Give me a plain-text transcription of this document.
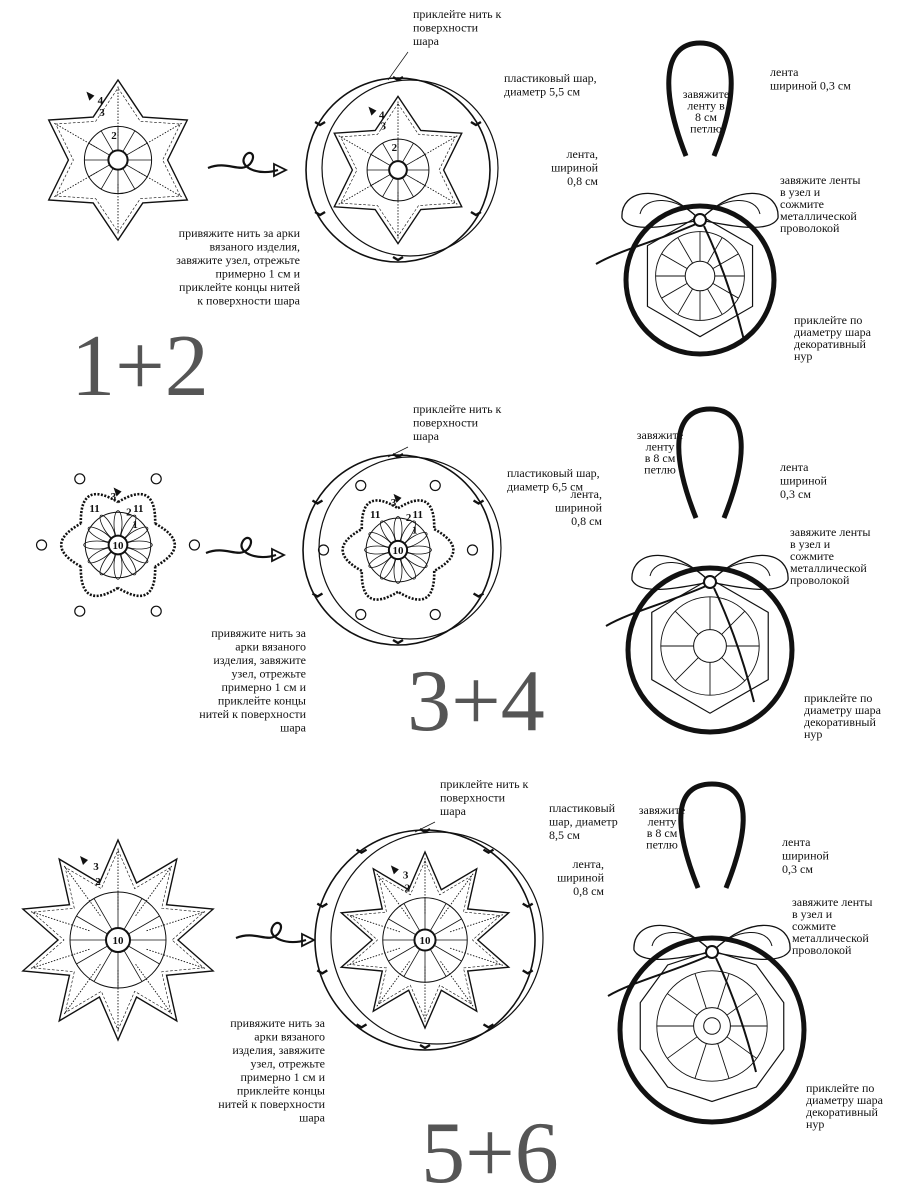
4
3
2
4
3
2
приклейте нить к
поверхности
шара
пластиковый шар,
диаметр 5,5 см
привяжите нить за арки
вязаного изделия,
завяжите узел, отрежьте
примерно 1 см и
приклейте концы нитей
к поверхности шара
1+2
лента
шириной 0,3 см
завяжите
ленту в
8 см
петлю
лента,
шириной
0,8 см	завяжите ленты
в узел и
сожмите
металлической
проволокой
приклейте по
диаметру шара
декоративный
нур
3
2
1
11	11
10
3
2
1
11	11
10
приклейте нить к
поверхности
шара
пластиковый шар,
диаметр 6,5 см
привяжите нить за
арки вязаного
изделия, завяжите
узел, отрежьте
примерно 1 см и
приклейте концы
нитей к поверхности
шара 3+4
лента
шириной
0,3 см
завяжите
ленту
в 8 см
петлю
лента,
шириной
0,8 см
завяжите ленты
в узел и
сожмите
металлической
проволокой
приклейте по
диаметру шара
декоративный
нур
3
2
10
3
2
10
приклейте нить к
поверхности
шара	пластиковый
шар, диаметр
8,5 см
привяжите нить за
арки вязаного
изделия, завяжите
узел, отрежьте
примерно 1 см и
приклейте концы
нитей к поверхности
шара 5+6
лента
шириной
0,3 см
завяжите
ленту
в 8 см
петлю
лента,
шириной
0,8 см
завяжите ленты
в узел и
сожмите
металлической
проволокой
приклейте по
диаметру шара
декоративный
нур
